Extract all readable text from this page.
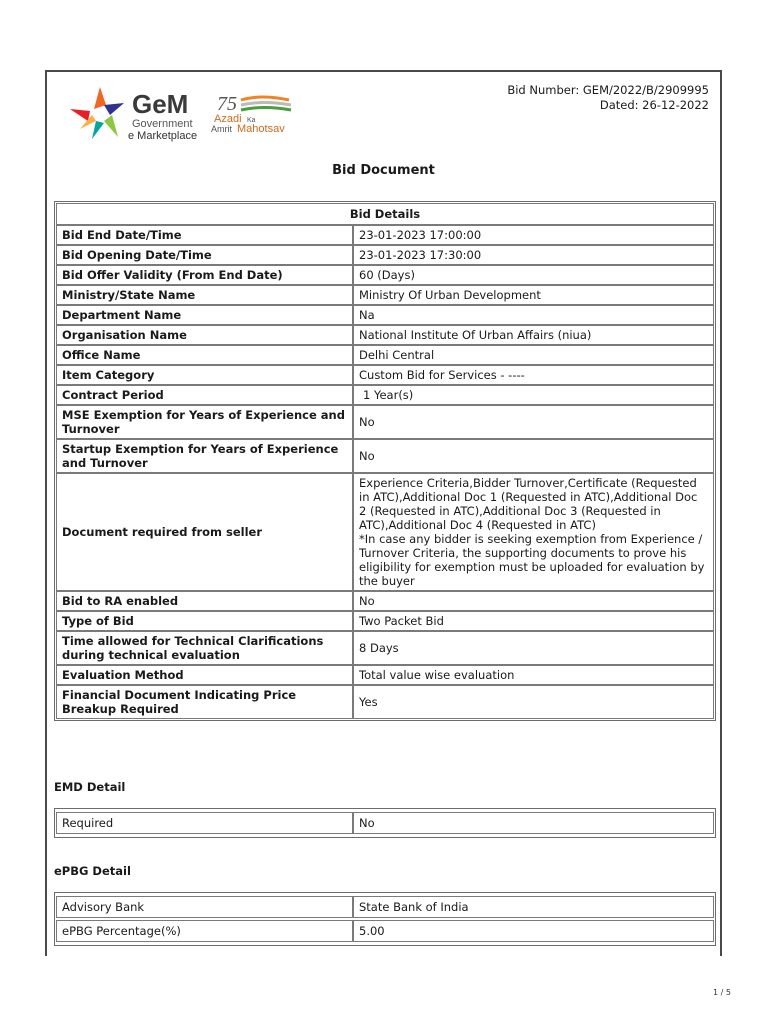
GeM
Government
e Marketplace
75
Azadi Ka
Amrit Mahotsav
Bid Number: GEM/2022/B/2909995
Dated: 26-12-2022
Bid Document
Bid Details	
Bid End Date/Time	23-01-2023 17:00:00

Bid Opening Date/Time	23-01-2023 17:30:00

Bid Offer Validity (From End Date)	60 (Days)

Ministry/State Name	Ministry Of Urban Development

Department Name	Na

Organisation Name	National Institute Of Urban Affairs (niua)

Office Name	Delhi Central

Item Category	Custom Bid for Services - ----

Contract Period	1 Year(s)

MSE Exemption for Years of Experience and Turnover	No

Startup Exemption for Years of Experience and Turnover	No

Document required from seller	Experience Criteria,Bidder Turnover,Certificate (Requested in ATC),Additional Doc 1 (Requested in ATC),Additional Doc 2 (Requested in ATC),Additional Doc 3 (Requested in ATC),Additional Doc 4 (Requested in ATC)
*In case any bidder is seeking exemption from Experience / Turnover Criteria, the supporting documents to prove his eligibility for exemption must be uploaded for evaluation by the buyer

Bid to RA enabled	No

Type of Bid	Two Packet Bid

Time allowed for Technical Clarifications during technical evaluation	8 Days

Evaluation Method	Total value wise evaluation

Financial Document Indicating Price Breakup Required	Yes
EMD Detail
Required	No
ePBG Detail
Advisory Bank	State Bank of India
ePBG Percentage(%)	5.00
1 / 5
